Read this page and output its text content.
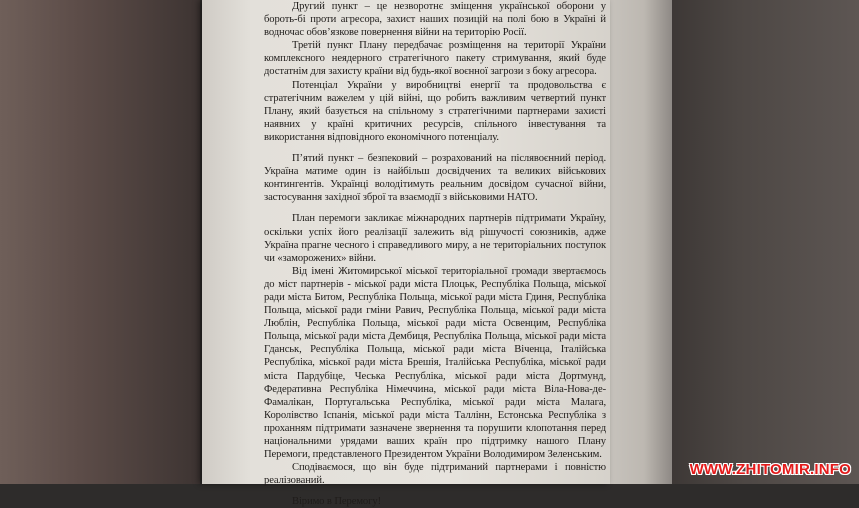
Другий пункт – це незворотнє зміщення української оборони у бороть-бі проти агресора, захист наших позицій на полі бою в Україні й водночас обов’язкове повернення війни на територію Росії.

Третій пункт Плану передбачає розміщення на території України комплексного неядерного стратегічного пакету стримування, який буде достатнім для захисту країни від будь-якої воєнної загрози з боку агресора.

Потенціал України у виробництві енергії та продовольства є стратегічним важелем у цій війні, що робить важливим четвертий пункт Плану, який базується на спільному з стратегічними партнерами захисті наявних у країні критичних ресурсів, спільного інвестування та використання відповідного економічного потенціалу.

П’ятий пункт – безпековий – розрахований на післявоєнний період. Україна матиме один із найбільш досвідчених та великих військових контингентів. Українці володітимуть реальним досвідом сучасної війни, застосування західної зброї та взаємодії з військовими НАТО.

План перемоги закликає міжнародних партнерів підтримати Україну, оскільки успіх його реалізації залежить від рішучості союзників, адже Україна прагне чесного і справедливого миру, а не територіальних поступок чи «заморожених» війни.

Від імені Житомирської міської територіальної громади звертаємось до міст партнерів - міської ради міста Плоцьк, Республіка Польща, міської ради міста Битом, Республіка Польща, міської ради міста Гдиня, Республіка Польща, міської ради гміни Равич, Республіка Польща, міської ради міста Люблін, Республіка Польща, міської ради міста Освенцим, Республіка Польща, міської ради міста Дембиця, Республіка Польща, міської ради міста Гданськ, Республіка Польща, міської ради міста Віченца, Італійська Республіка, міської ради міста Брешія, Італійська Республіка, міської ради міста Пардубіце, Чеська Республіка, міської ради міста Дортмунд, Федеративна Республіка Німеччина, міської ради міста Віла-Нова-де-Фамалікан, Португальська Республіка, міської ради міста Малага, Королівство Іспанія, міської ради міста Таллінн, Естонська Республіка з проханням підтримати зазначене звернення та порушити клопотання перед національними урядами ваших країн про підтримку нашого Плану Перемоги, представленого Президентом України Володимиром Зеленським.

Сподіваємося, що він буде підтриманий партнерами і повністю реалізований.

Віримо в Перемогу!

WWW.ZHITOMIR.INFO
